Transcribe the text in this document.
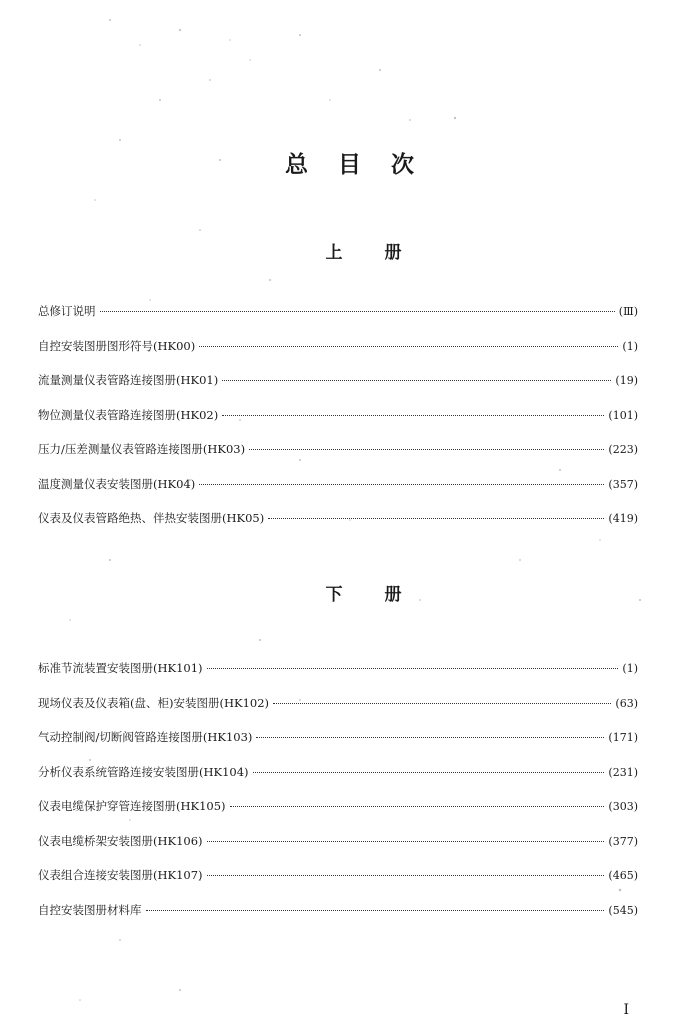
总目次
上册
总修订说明	(Ⅲ)
自控安装图册图形符号(HK00)	(1)
流量测量仪表管路连接图册(HK01)	(19)
物位测量仪表管路连接图册(HK02)	(101)
压力/压差测量仪表管路连接图册(HK03)	(223)
温度测量仪表安装图册(HK04)	(357)
仪表及仪表管路绝热、伴热安装图册(HK05)	(419)
下册
标准节流装置安装图册(HK101)	(1)
现场仪表及仪表箱(盘、柜)安装图册(HK102)	(63)
气动控制阀/切断阀管路连接图册(HK103)	(171)
分析仪表系统管路连接安装图册(HK104)	(231)
仪表电缆保护穿管连接图册(HK105)	(303)
仪表电缆桥架安装图册(HK106)	(377)
仪表组合连接安装图册(HK107)	(465)
自控安装图册材料库	(545)
I
